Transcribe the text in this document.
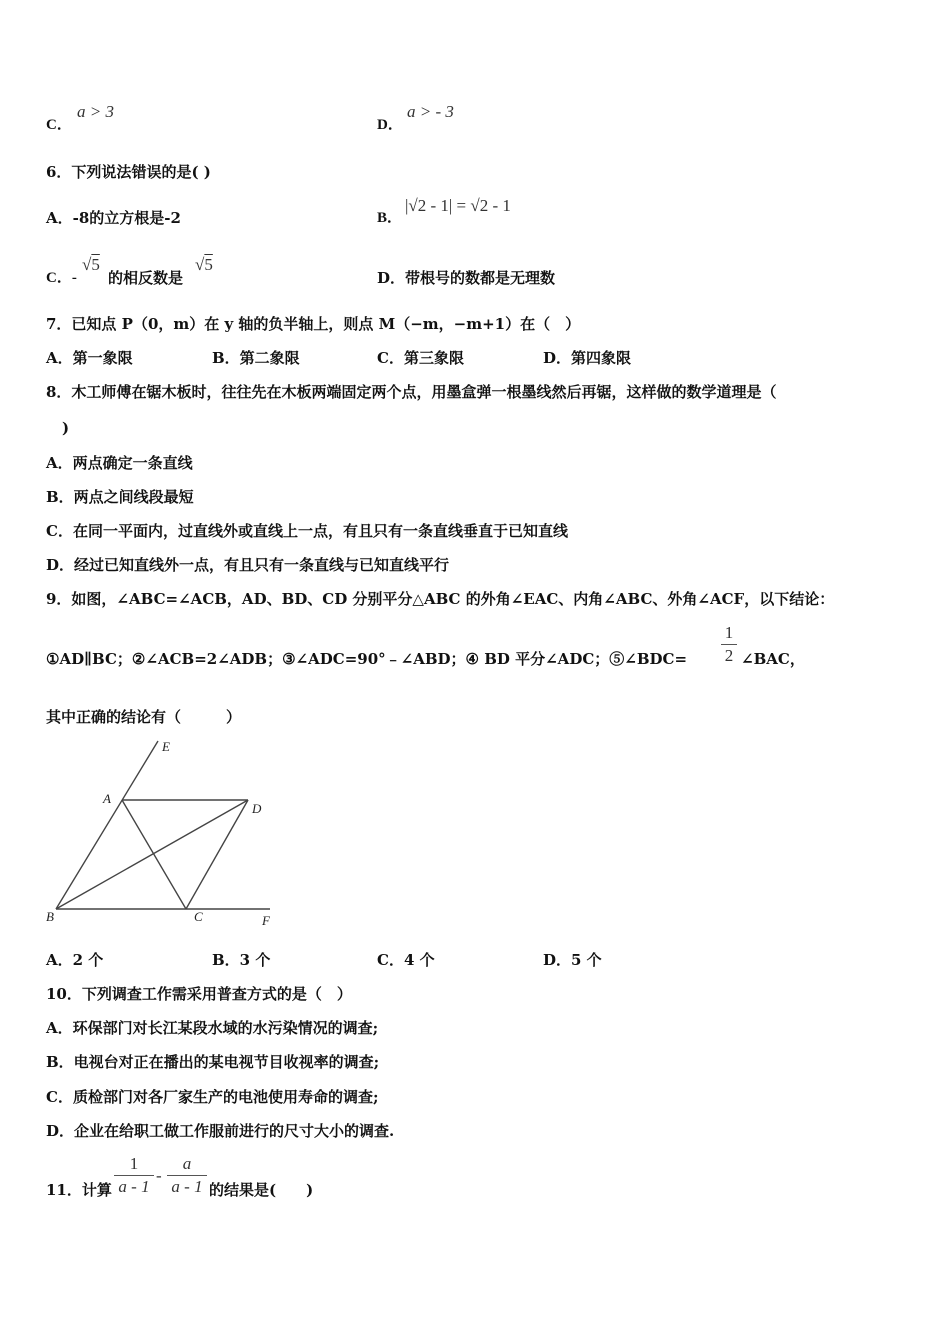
C．
a > 3
D．
a > - 3
6．下列说法错误的是( )
A．-8的立方根是-2	B．
|√2 - 1| = √2 - 1
C．-
√5
的相反数是
√5
D．带根号的数都是无理数
7．已知点 P（0，m）在 y 轴的负半轴上，则点 M（−m，−m+1）在（　）
A．第一象限	B．第二象限	C．第三象限	D．第四象限
8．木工师傅在锯木板时，往往先在木板两端固定两个点，用墨盒弹一根墨线然后再锯，这样做的数学道理是（
)
A．两点确定一条直线
B．两点之间线段最短
C．在同一平面内，过直线外或直线上一点，有且只有一条直线垂直于已知直线
D．经过已知直线外一点，有且只有一条直线与已知直线平行
9．如图，∠ABC=∠ACB，AD、BD、CD 分别平分△ABC 的外角∠EAC、内角∠ABC、外角∠ACF，以下结论：
①AD∥BC；②∠ACB=2∠ADB；③∠ADC=90°﹣∠ABD；④ BD 平分∠ADC；⑤∠BDC=
1
2 ∠BAC，
其中正确的结论有（　　　）
E
A
D
B	C	F
A．2 个	B．3 个	C．4 个	D．5 个
10．下列调查工作需采用普查方式的是（　）
A．环保部门对长江某段水域的水污染情况的调查;
B．电视台对正在播出的某电视节目收视率的调查;
C．质检部门对各厂家生产的电池使用寿命的调查;
D．企业在给职工做工作服前进行的尺寸大小的调查.
11．计算
1
a - 1
-
a
a - 1 的结果是(　　)
